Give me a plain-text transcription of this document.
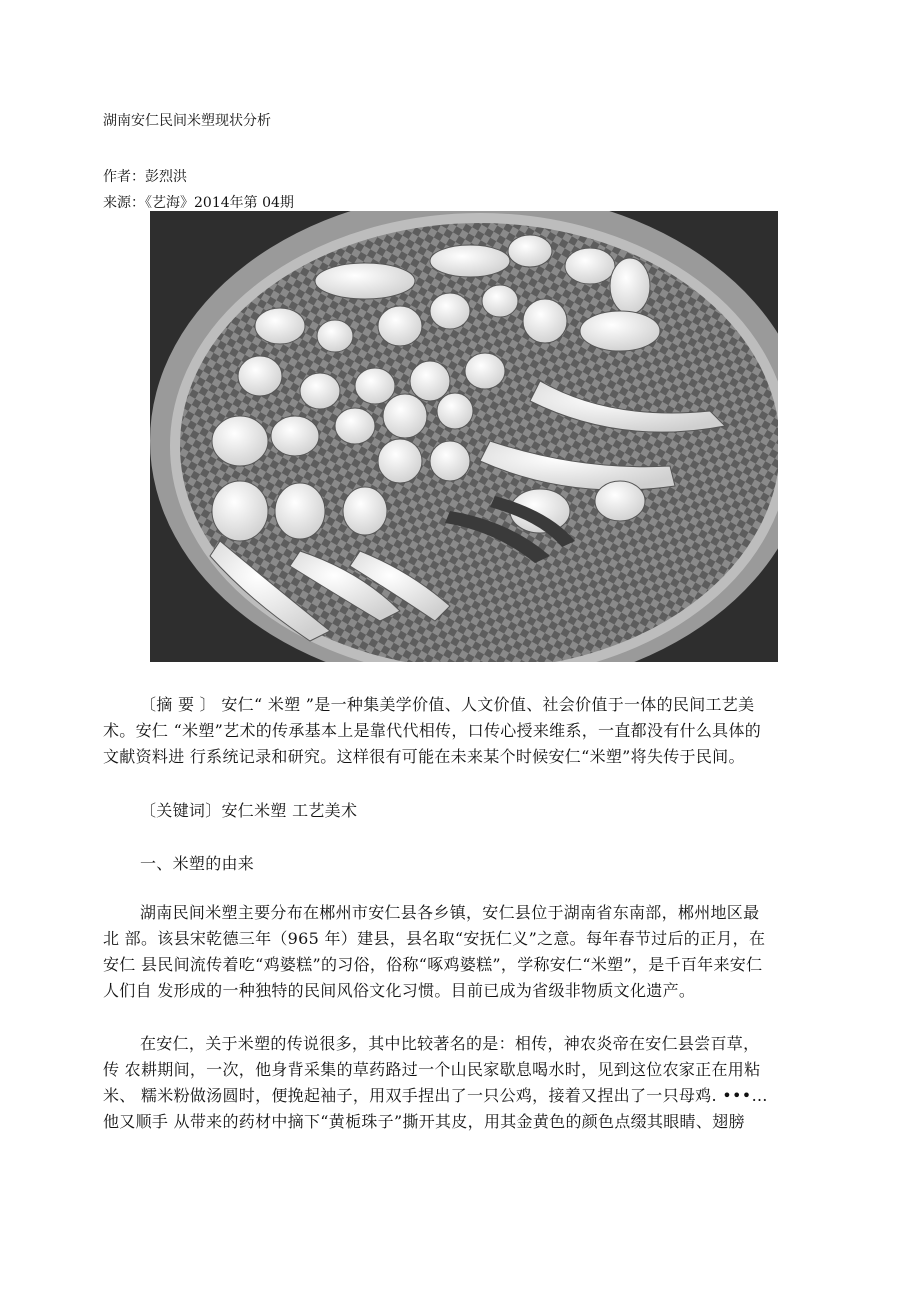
湖南安仁民间米塑现状分析
作者：彭烈洪
来源：《艺海》2014年第 04期
〔摘 要 〕 安仁“ 米塑 ”是一种集美学价值、人文价值、社会价值于一体的民间工艺美
术。安仁 “米塑”艺术的传承基本上是靠代代相传，口传心授来维系，一直都没有什么具体的
文献资料进 行系统记录和研究。这样很有可能在未来某个时候安仁“米塑”将失传于民间。
〔关键词〕安仁米塑 工艺美术
一、米塑的由来
湖南民间米塑主要分布在郴州市安仁县各乡镇，安仁县位于湖南省东南部，郴州地区最
北 部。该县宋乾德三年（965 年）建县，县名取“安抚仁义”之意。每年春节过后的正月，在
安仁 县民间流传着吃“鸡婆糕”的习俗，俗称“啄鸡婆糕”，学称安仁“米塑”，是千百年来安仁
人们自 发形成的一种独特的民间风俗文化习惯。目前已成为省级非物质文化遗产。
在安仁，关于米塑的传说很多，其中比较著名的是：相传，神农炎帝在安仁县尝百草，
传 农耕期间，一次，他身背采集的草药路过一个山民家歇息喝水时，见到这位农家正在用粘
米、 糯米粉做汤圆时，便挽起袖子，用双手捏出了一只公鸡，接着又捏出了一只母鸡. •••…
他又顺手 从带来的药材中摘下“黄栀珠子”撕开其皮，用其金黄色的颜色点缀其眼睛、翅膀
